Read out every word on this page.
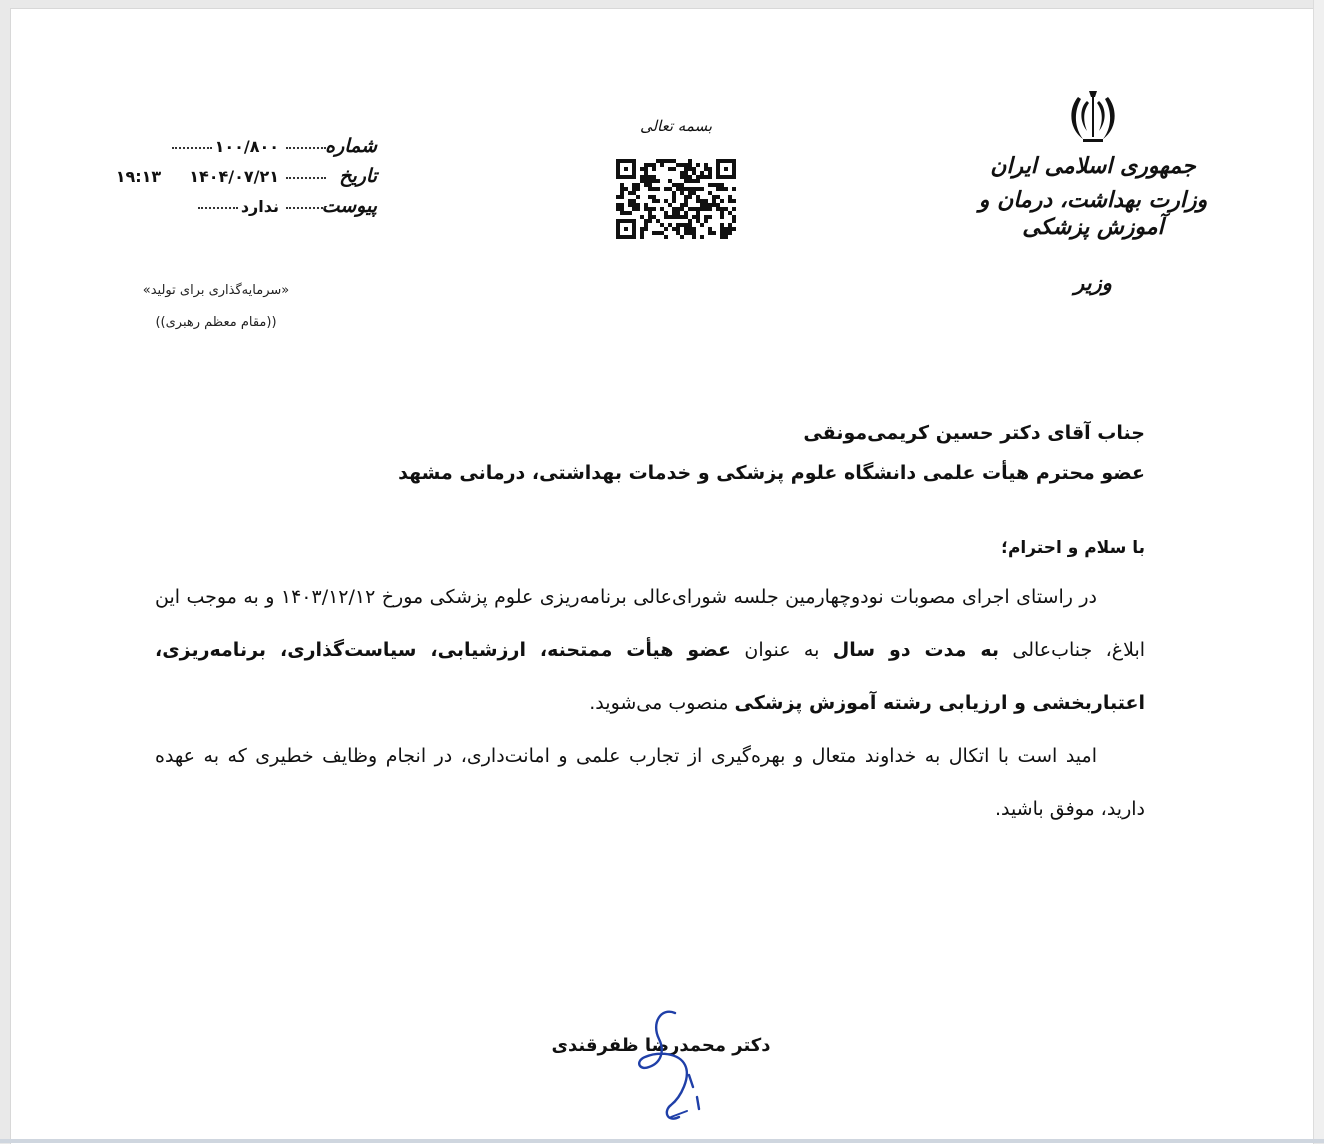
جمهوری اسلامی ایران
وزارت بهداشت، درمان و آموزش پزشکی
وزیر
بسمه تعالی
شماره
۱۰۰/۸۰۰
تاریخ
۱۴۰۴/۰۷/۲۱
۱۹:۱۳
پیوست
ندارد
«سرمایه‌گذاری برای تولید»
((مقام معظم رهبری))
جناب آقای دکتر حسین کریمی‌مونقی
عضو محترم هیأت علمی دانشگاه علوم پزشکی و خدمات بهداشتی، درمانی مشهد
با سلام و احترام؛

در راستای اجرای مصوبات نودوچهارمین جلسه شورای‌عالی برنامه‌ریزی علوم پزشکی مورخ ۱۴۰۳/۱۲/۱۲ و به موجب این ابلاغ، جناب‌عالی به مدت دو سال به عنوان عضو هیأت ممتحنه، ارزشیابی، سیاست‌گذاری، برنامه‌ریزی، اعتباربخشی و ارزیابی رشته آموزش پزشکی منصوب می‌شوید.

امید است با اتکال به خداوند متعال و بهره‌گیری از تجارب علمی و امانت‌داری، در انجام وظایف خطیری که به عهده دارید، موفق باشید.

دکتر محمدرضا ظفرقندی
